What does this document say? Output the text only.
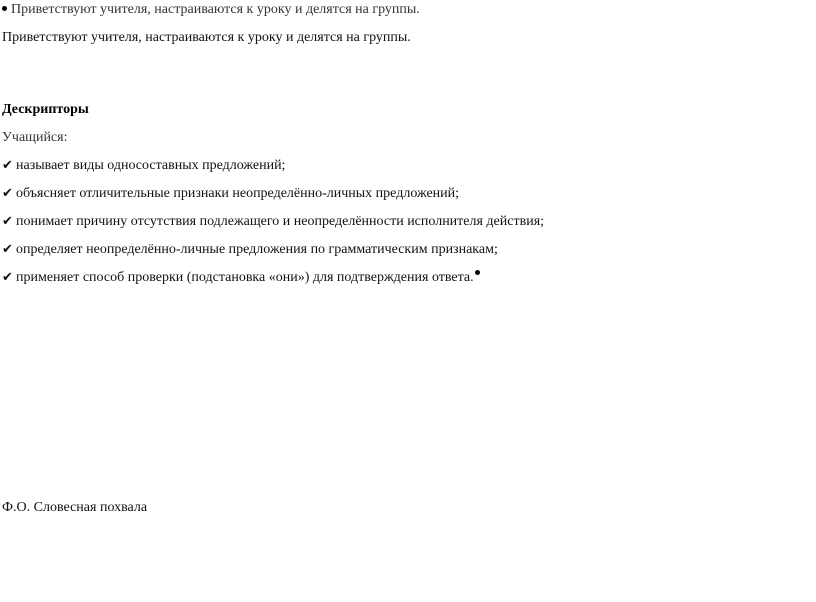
Приветствуют учителя, настраиваются к уроку и делятся на группы.
Приветствуют учителя, настраиваются к уроку и делятся на группы.
Дескрипторы
Учащийся:
✔ называет виды односоставных предложений;
✔ объясняет отличительные признаки неопределённо-личных предложений;
✔ понимает причину отсутствия подлежащего и неопределённости исполнителя действия;
✔ определяет неопределённо-личные предложения по грамматическим признакам;
✔ применяет способ проверки (подстановка «они») для подтверждения ответа.
Ф.О. Словесная похвала
